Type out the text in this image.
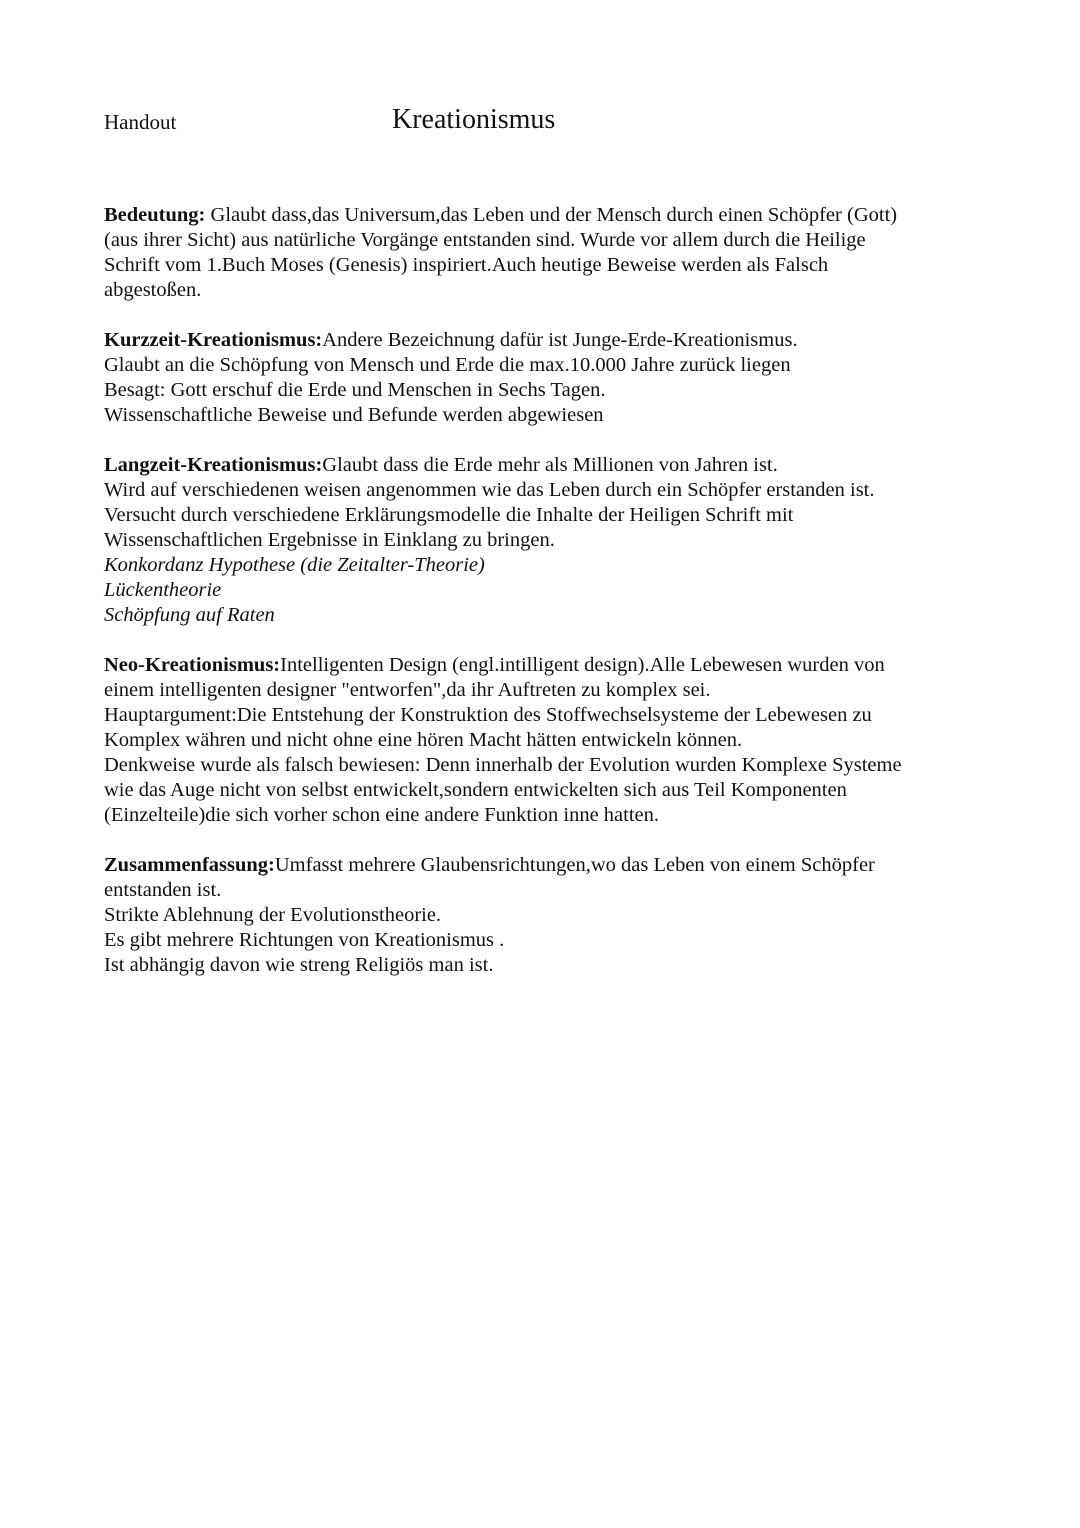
Handout	Kreationismus
Bedeutung: Glaubt dass,das Universum,das Leben und der Mensch durch einen Schöpfer (Gott)
(aus ihrer Sicht) aus natürliche Vorgänge entstanden sind. Wurde vor allem durch die Heilige
Schrift vom 1.Buch Moses (Genesis) inspiriert.Auch heutige Beweise werden als Falsch
abgestoßen.
Kurzzeit-Kreationismus:Andere Bezeichnung dafür ist Junge-Erde-Kreationismus.
Glaubt an die Schöpfung von Mensch und Erde die max.10.000 Jahre zurück liegen
Besagt: Gott erschuf die Erde und Menschen in Sechs Tagen.
Wissenschaftliche Beweise und Befunde werden abgewiesen
Langzeit-Kreationismus:Glaubt dass die Erde mehr als Millionen von Jahren ist.
Wird auf verschiedenen weisen angenommen wie das Leben durch ein Schöpfer erstanden ist.
Versucht durch verschiedene Erklärungsmodelle die Inhalte der Heiligen Schrift mit
Wissenschaftlichen Ergebnisse in Einklang zu bringen.
Konkordanz Hypothese (die Zeitalter-Theorie)
Lückentheorie
Schöpfung auf Raten
Neo-Kreationismus:Intelligenten Design (engl.intilligent design).Alle Lebewesen wurden von
einem intelligenten designer "entworfen",da ihr Auftreten zu komplex sei.
Hauptargument:Die Entstehung der Konstruktion des Stoffwechselsysteme der Lebewesen zu
Komplex währen und nicht ohne eine hören Macht hätten entwickeln können.
Denkweise wurde als falsch bewiesen: Denn innerhalb der Evolution wurden Komplexe Systeme
wie das Auge nicht von selbst entwickelt,sondern entwickelten sich aus Teil Komponenten
(Einzelteile)die sich vorher schon eine andere Funktion inne hatten.
Zusammenfassung:Umfasst mehrere Glaubensrichtungen,wo das Leben von einem Schöpfer
entstanden ist.
Strikte Ablehnung der Evolutionstheorie.
Es gibt mehrere Richtungen von Kreationismus .
Ist abhängig davon wie streng Religiös man ist.
